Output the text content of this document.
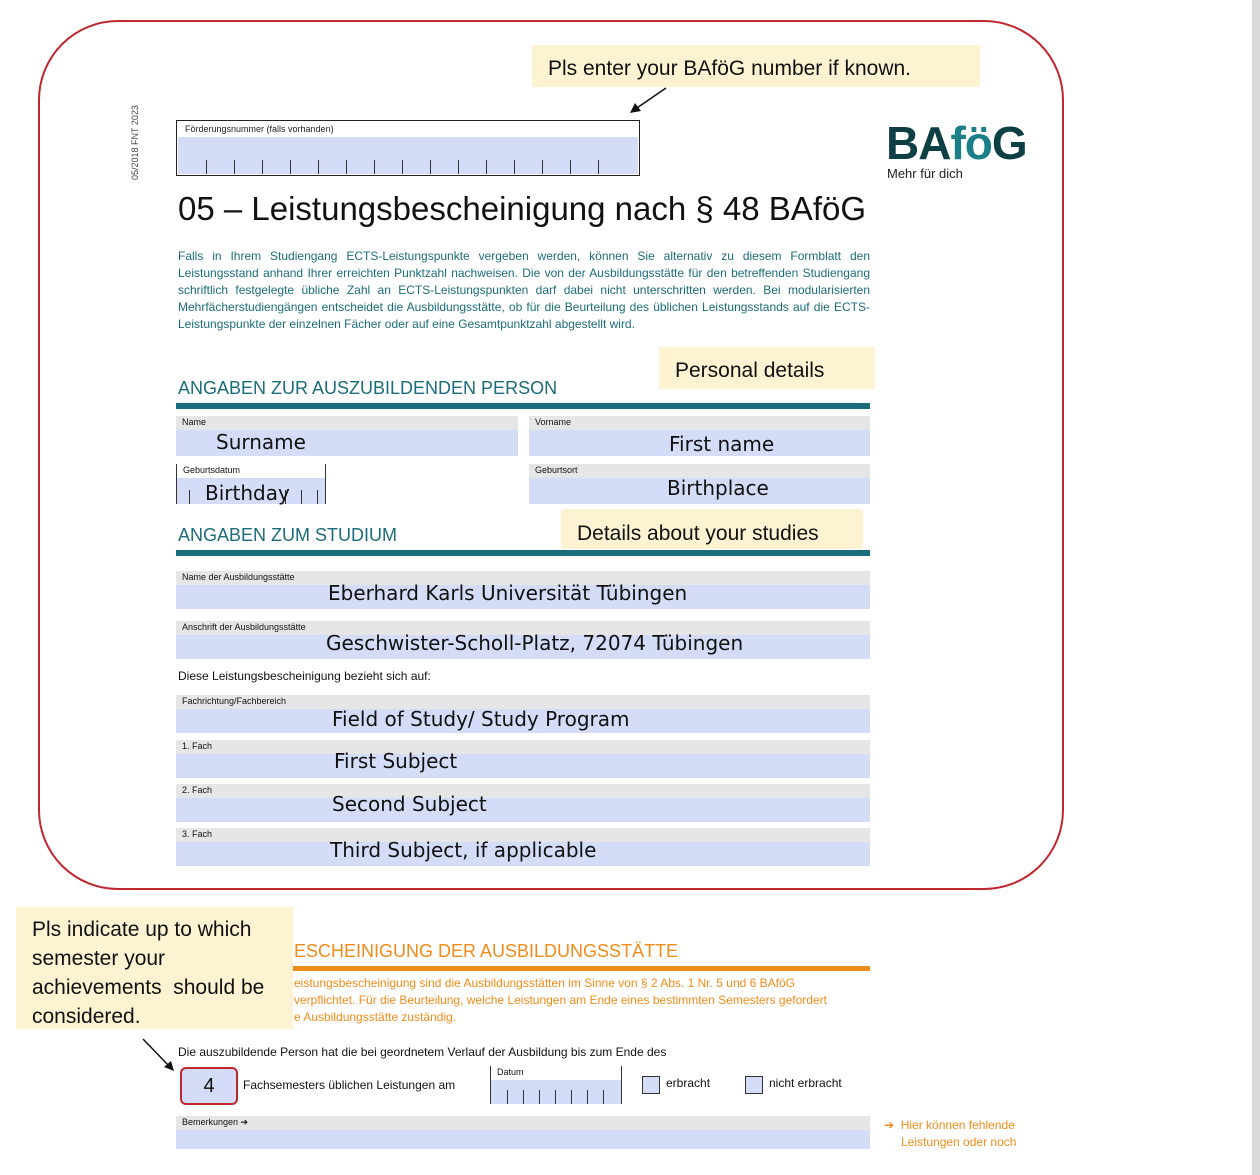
05/2018 FNT 2023	Förderungsnummer (falls vorhanden)	BAföG
Mehr für dich
05 – Leistungsbescheinigung nach § 48 BAföG
Falls in Ihrem Studiengang ECTS-Leistungspunkte vergeben werden, können Sie alternativ zu diesem Formblatt den Leistungsstand anhand Ihrer erreichten Punktzahl nachweisen. Die von der Ausbildungsstätte für den betreffenden Studiengang schriftlich festgelegte übliche Zahl an ECTS-Leistungspunkten darf dabei nicht unterschritten werden. Bei modularisierten Mehrfächerstudiengängen entscheidet die Ausbildungsstätte, ob für die Beurteilung des üblichen Leistungsstands auf die ECTS-Leistungspunkte der einzelnen Fächer oder auf eine Gesamtpunktzahl abgestellt wird.
ANGABEN ZUR AUSZUBILDENDEN PERSON
Name
Surname
Vorname
First name
Geburtsdatum
Birthday
Geburtsort
Birthplace
ANGABEN ZUM STUDIUM
Name der Ausbildungsstätte
Eberhard Karls Universität Tübingen
Anschrift der Ausbildungsstätte
Geschwister-Scholl-Platz, 72074 Tübingen
Diese Leistungsbescheinigung bezieht sich auf:
Fachrichtung/Fachbereich
Field of Study/ Study Program
1. Fach
First Subject
2. Fach
Second Subject
3. Fach
Third Subject, if applicable
Pls enter your BAföG number if known.
Personal details
Details about your studies
ESCHEINIGUNG DER AUSBILDUNGSSTÄTTE
eistungsbescheinigung sind die Ausbildungsstätten im Sinne von § 2 Abs. 1 Nr. 5 und 6 BAföG
verpflichtet. Für die Beurteilung, welche Leistungen am Ende eines bestimmten Semesters gefordert
e Ausbildungsstätte zuständig.
Pls indicate up to which
semester your
achievements  should be
considered.
Die auszubildende Person hat die bei geordnetem Verlauf der Ausbildung bis zum Ende des
4	Fachsemesters üblichen Leistungen am
Datum
erbracht	nicht erbracht
Bemerkungen ➔	➔  Hier können fehlende
Leistungen oder noch
